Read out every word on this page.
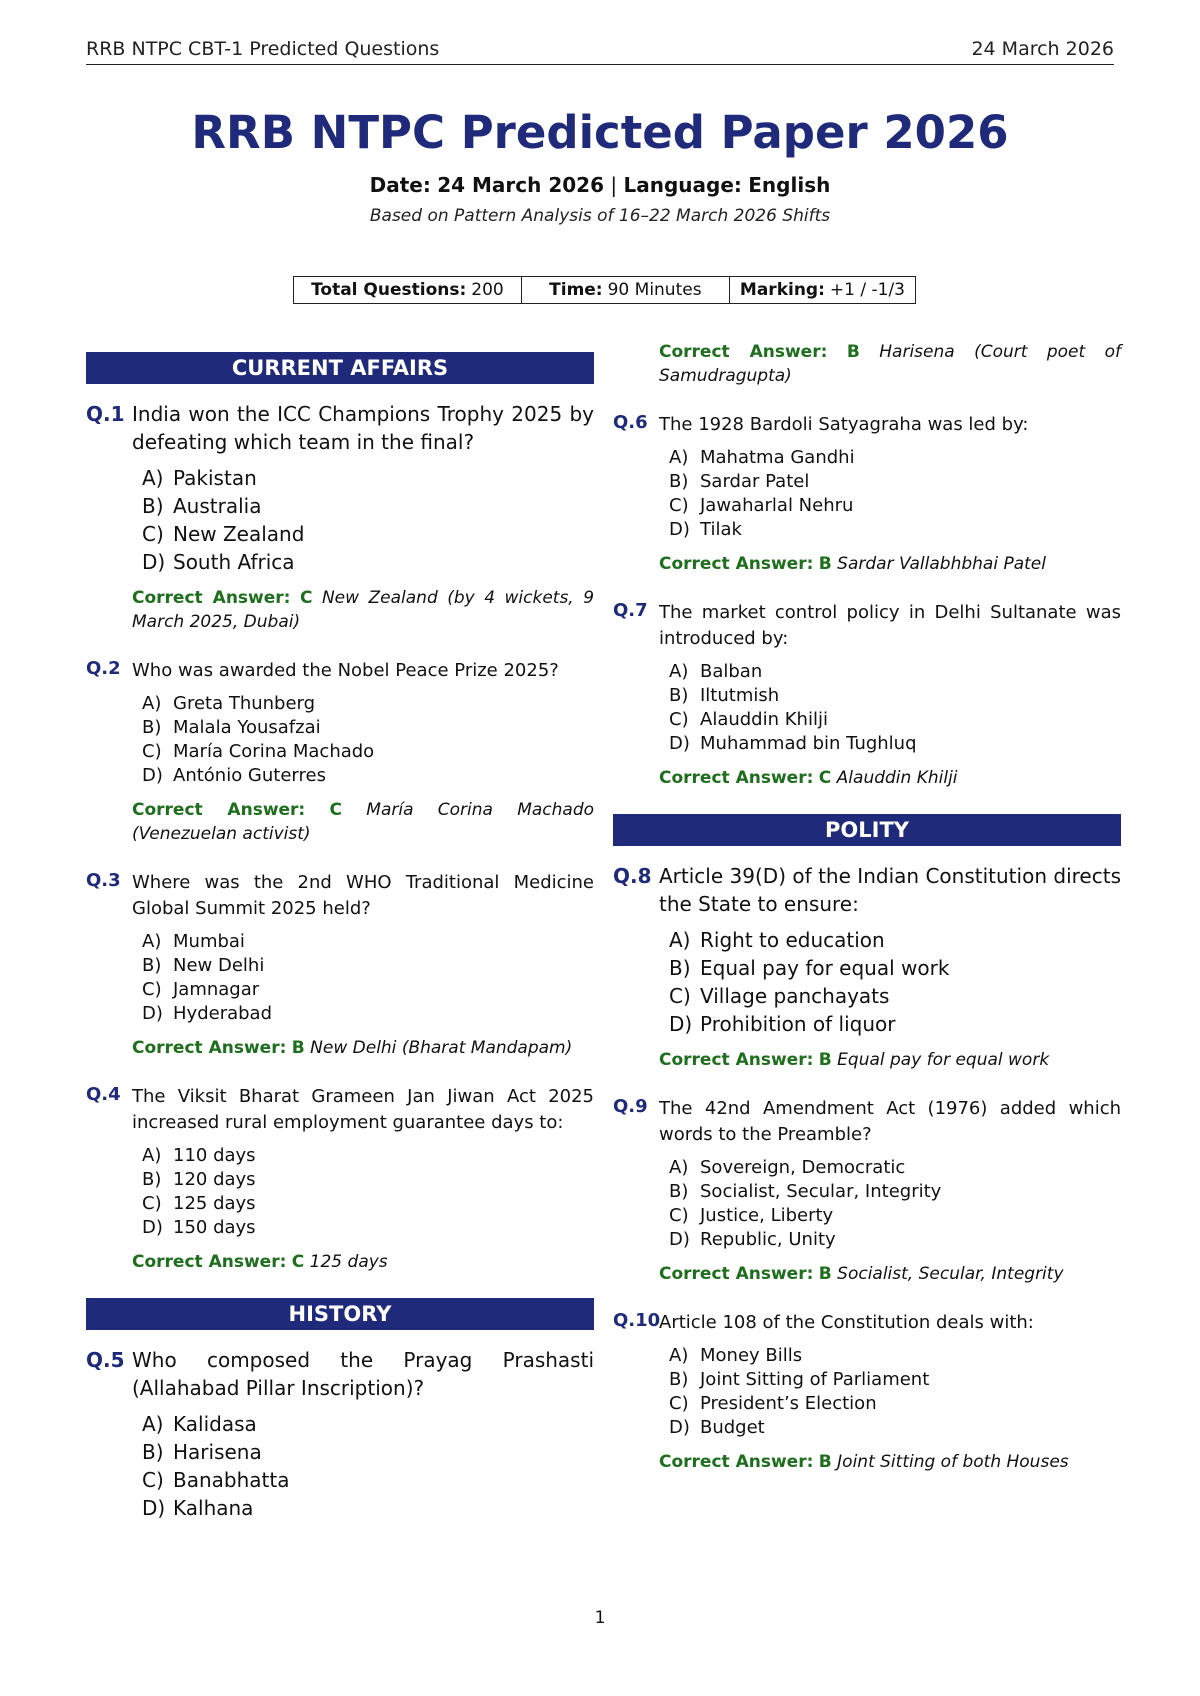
RRB NTPC CBT-1 Predicted Questions	24 March 2026
RRB NTPC Predicted Paper 2026
Date: 24 March 2026 | Language: English
Based on Pattern Analysis of 16–22 March 2026 Shifts
Total Questions: 200	Time: 90 Minutes Marking: +1 / -1/3
CURRENT AFFAIRS
Q.1 India won the ICC Champions Trophy 2025 by defeating which team in the final?
A) Pakistan
B) Australia
C) New Zealand
D) South Africa
Correct Answer: C New Zealand (by 4 wickets, 9 March 2025, Dubai)
Q.2 Who was awarded the Nobel Peace Prize 2025?
A) Greta Thunberg
B) Malala Yousafzai
C) María Corina Machado
D) António Guterres
Correct Answer: C María Corina Machado (Venezuelan activist)
Q.3 Where was the 2nd WHO Traditional Medicine Global Summit 2025 held?
A) Mumbai
B) New Delhi
C) Jamnagar
D) Hyderabad
Correct Answer: B New Delhi (Bharat Mandapam)
Q.4 The Viksit Bharat Grameen Jan Jiwan Act 2025 increased rural employment guarantee days to:
A) 110 days
B) 120 days
C) 125 days
D) 150 days
Correct Answer: C 125 days
HISTORY
Q.5 Who composed the Prayag Prashasti (Allahabad Pillar Inscription)?
A) Kalidasa
B) Harisena
C) Banabhatta
D) Kalhana
Correct Answer: B Harisena (Court poet of Samudragupta)
Q.6 The 1928 Bardoli Satyagraha was led by:
A) Mahatma Gandhi
B) Sardar Patel
C) Jawaharlal Nehru
D) Tilak
Correct Answer: B Sardar Vallabhbhai Patel
Q.7 The market control policy in Delhi Sultanate was introduced by:
A) Balban
B) Iltutmish
C) Alauddin Khilji
D) Muhammad bin Tughluq
Correct Answer: C Alauddin Khilji
POLITY
Q.8 Article 39(D) of the Indian Constitution directs the State to ensure:
A) Right to education
B) Equal pay for equal work
C) Village panchayats
D) Prohibition of liquor
Correct Answer: B Equal pay for equal work
Q.9 The 42nd Amendment Act (1976) added which words to the Preamble?
A) Sovereign, Democratic
B) Socialist, Secular, Integrity
C) Justice, Liberty
D) Republic, Unity
Correct Answer: B Socialist, Secular, Integrity
Q.10
Article 108 of the Constitution deals with:
A) Money Bills
B) Joint Sitting of Parliament
C) President’s Election
D) Budget
Correct Answer: B Joint Sitting of both Houses
1
